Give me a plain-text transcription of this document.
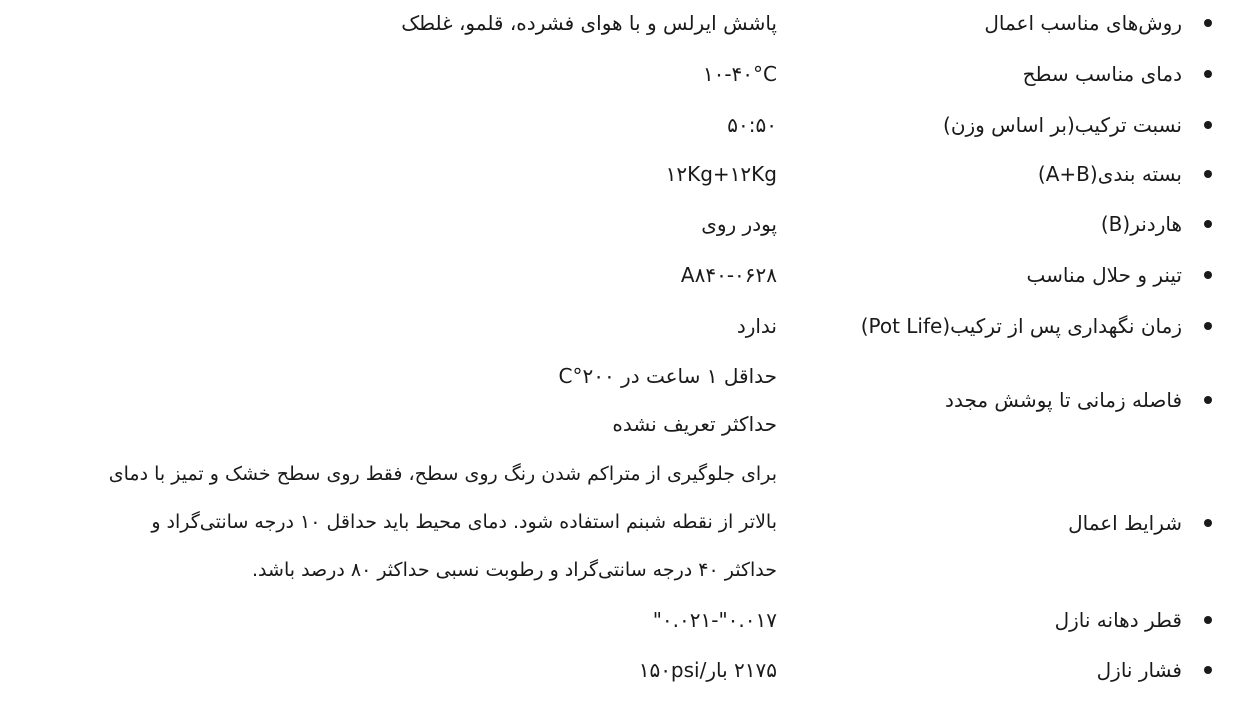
روش‌های مناسب اعمال
پاشش ایرلس و با هوای فشرده، قلمو، غلطک
دمای مناسب سطح
۱۰-۴۰°C
نسبت ترکیب(بر اساس وزن)
۵۰:۵۰
بسته بندی(A+B)
۱۲Kg+۱۲Kg
هاردنر(B)
پودر روی
تینر و حلال مناسب
A۸۴۰-۰۶۲۸
زمان نگهداری پس از ترکیب(Pot Life)
ندارد
فاصله زمانی تا پوشش مجدد
حداقل ۱ ساعت در ۲۰۰°C
حداکثر تعریف نشده
شرایط اعمال
برای جلوگیری از متراکم شدن رنگ روی سطح، فقط روی سطح خشک و تمیز با دمای
بالاتر از نقطه شبنم استفاده شود. دمای محیط باید حداقل ۱۰ درجه سانتی‌گراد و
حداکثر ۴۰ درجه سانتی‌گراد و رطوبت نسبی حداکثر ۸۰ درصد باشد.
قطر دهانه نازل
۰.۰۱۷"-۰.۰۲۱"
فشار نازل
۲۱۷۵ بار/۱۵۰psi
